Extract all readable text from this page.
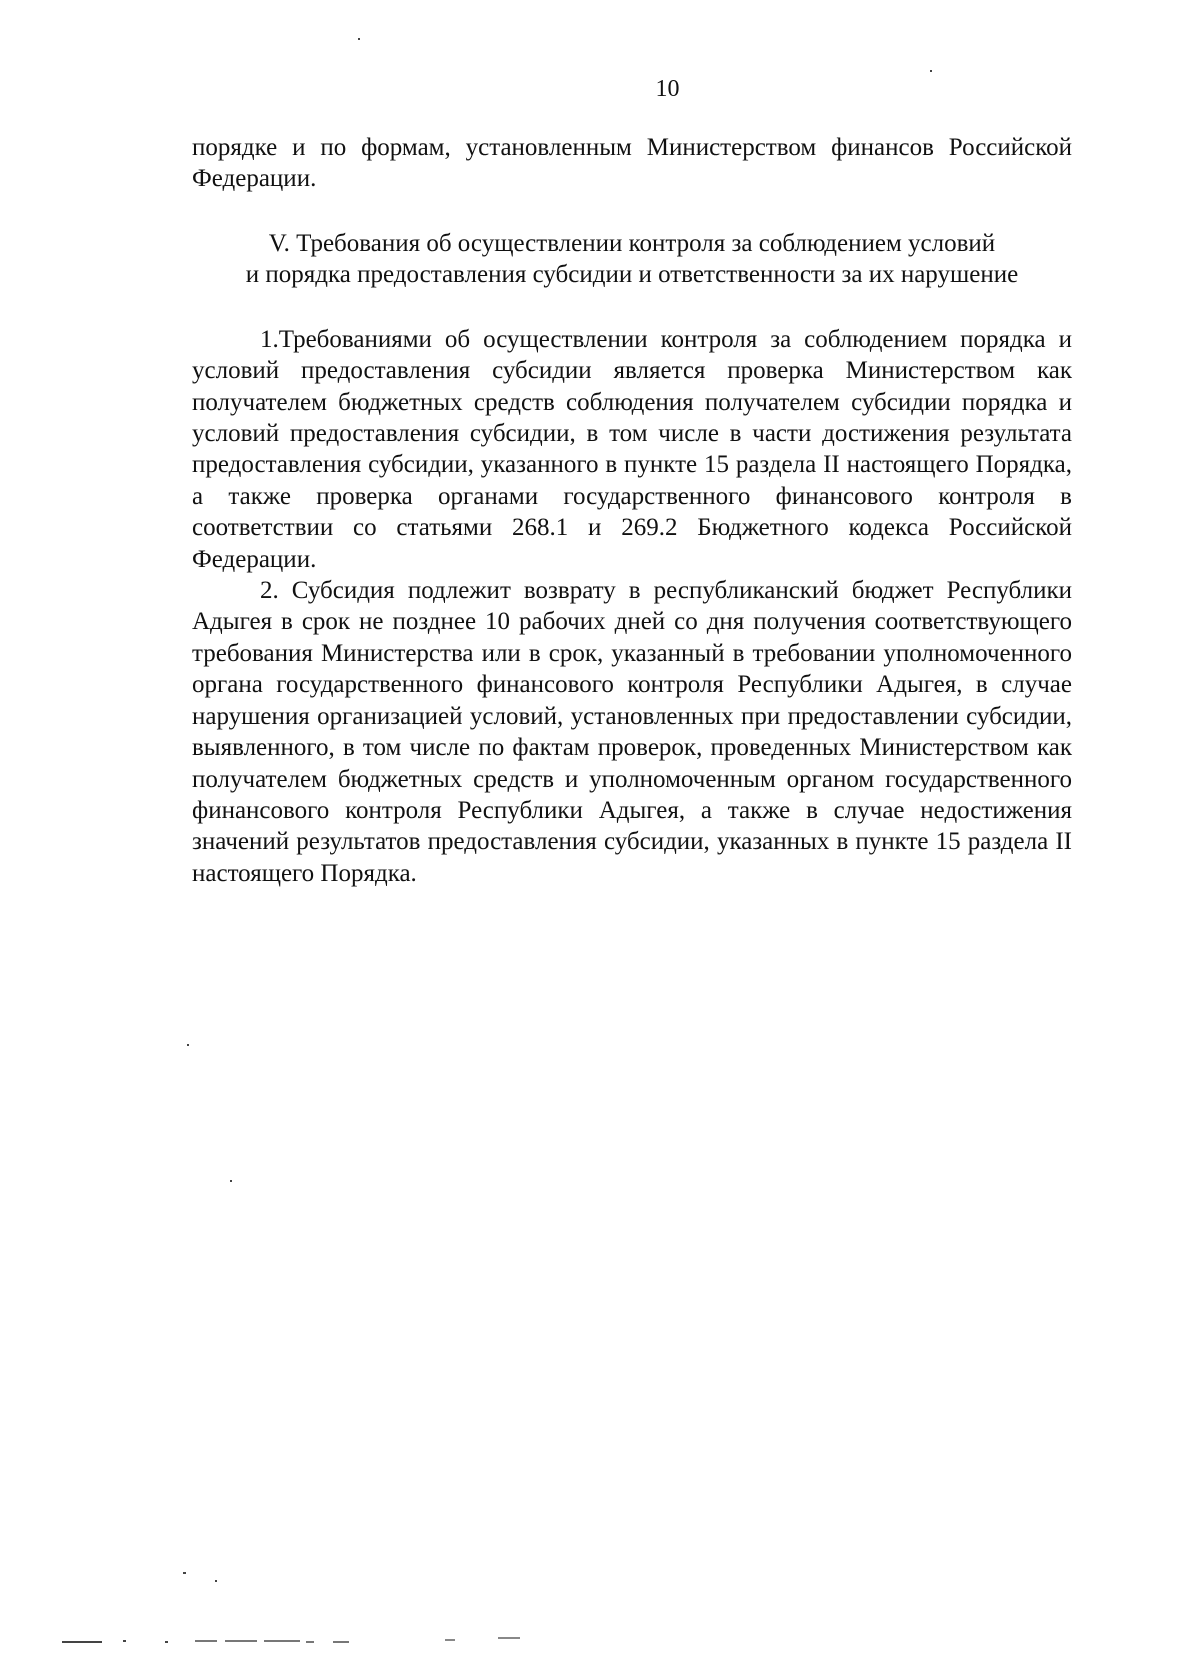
10

порядке и по формам, установленным Министерством финансов Российской Федерации.

V. Требования об осуществлении контроля за соблюдением условий
и порядка предоставления субсидии и ответственности за их нарушение

1.Требованиями об осуществлении контроля за соблюдением порядка и условий предоставления субсидии является проверка Министерством как получателем бюджетных средств соблюдения получателем субсидии порядка и условий предоставления субсидии, в том числе в части достижения результата предоставления субсидии, указанного в пункте 15 раздела II настоящего Порядка, а также проверка органами государственного финансового контроля в соответствии со статьями 268.1 и 269.2 Бюджетного кодекса Российской Федерации.

2. Субсидия подлежит возврату в республиканский бюджет Республики Адыгея в срок не позднее 10 рабочих дней со дня получения соответствующего требования Министерства или в срок, указанный в требовании уполномоченного органа государственного финансового контроля Республики Адыгея, в случае нарушения организацией условий, установленных при предоставлении субсидии, выявленного, в том числе по фактам проверок, проведенных Министерством как получателем бюджетных средств и уполномоченным органом государственного финансового контроля Республики Адыгея, а также в случае недостижения значений результатов предоставления субсидии, указанных в пункте 15 раздела II настоящего Порядка.
